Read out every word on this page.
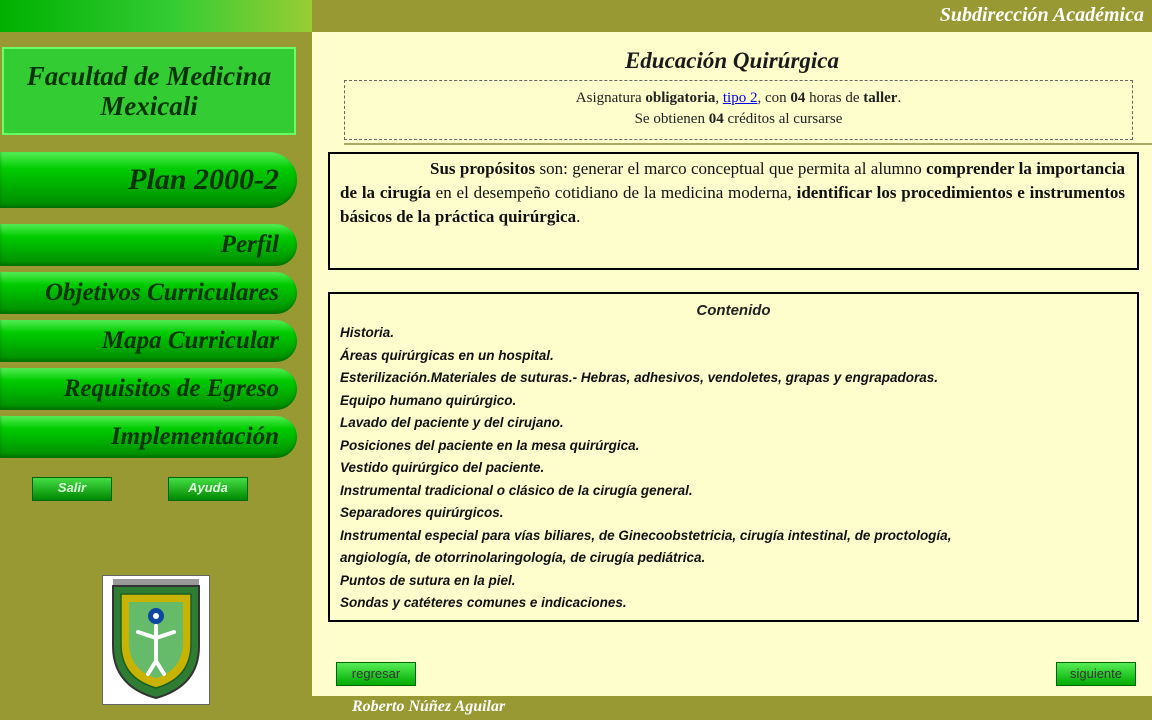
Subdirección Académica
Roberto Núñez Aguilar
Facultad de Medicina
Mexicali
Plan 2000-2
Perfil
Objetivos Curriculares
Mapa Curricular
Requisitos de Egreso
Implementación
Salir	Ayuda
Educación Quirúrgica
Asignatura obligatoria, tipo 2, con 04 horas de taller.
Se obtienen 04 créditos al cursarse
Sus propósitos son: generar el marco conceptual que permita al alumno comprender la importancia de la cirugía en el desempeño cotidiano de la medicina moderna, identificar los procedimientos e instrumentos básicos de la práctica quirúrgica.
Contenido
Historia.
Áreas quirúrgicas en un hospital.
Esterilización.Materiales de suturas.- Hebras, adhesivos, vendoletes, grapas y engrapadoras.
Equipo humano quirúrgico.
Lavado del paciente y del cirujano.
Posiciones del paciente en la mesa quirúrgica.
Vestido quirúrgico del paciente.
Instrumental tradicional o clásico de la cirugía general.
Separadores quirúrgicos.
Instrumental especial para vías biliares, de Ginecoobstetricia, cirugía intestinal, de proctología,
angiología, de otorrinolaringología, de cirugía pediátrica.
Puntos de sutura en la piel.
Sondas y catéteres comunes e indicaciones.
regresar	siguiente
